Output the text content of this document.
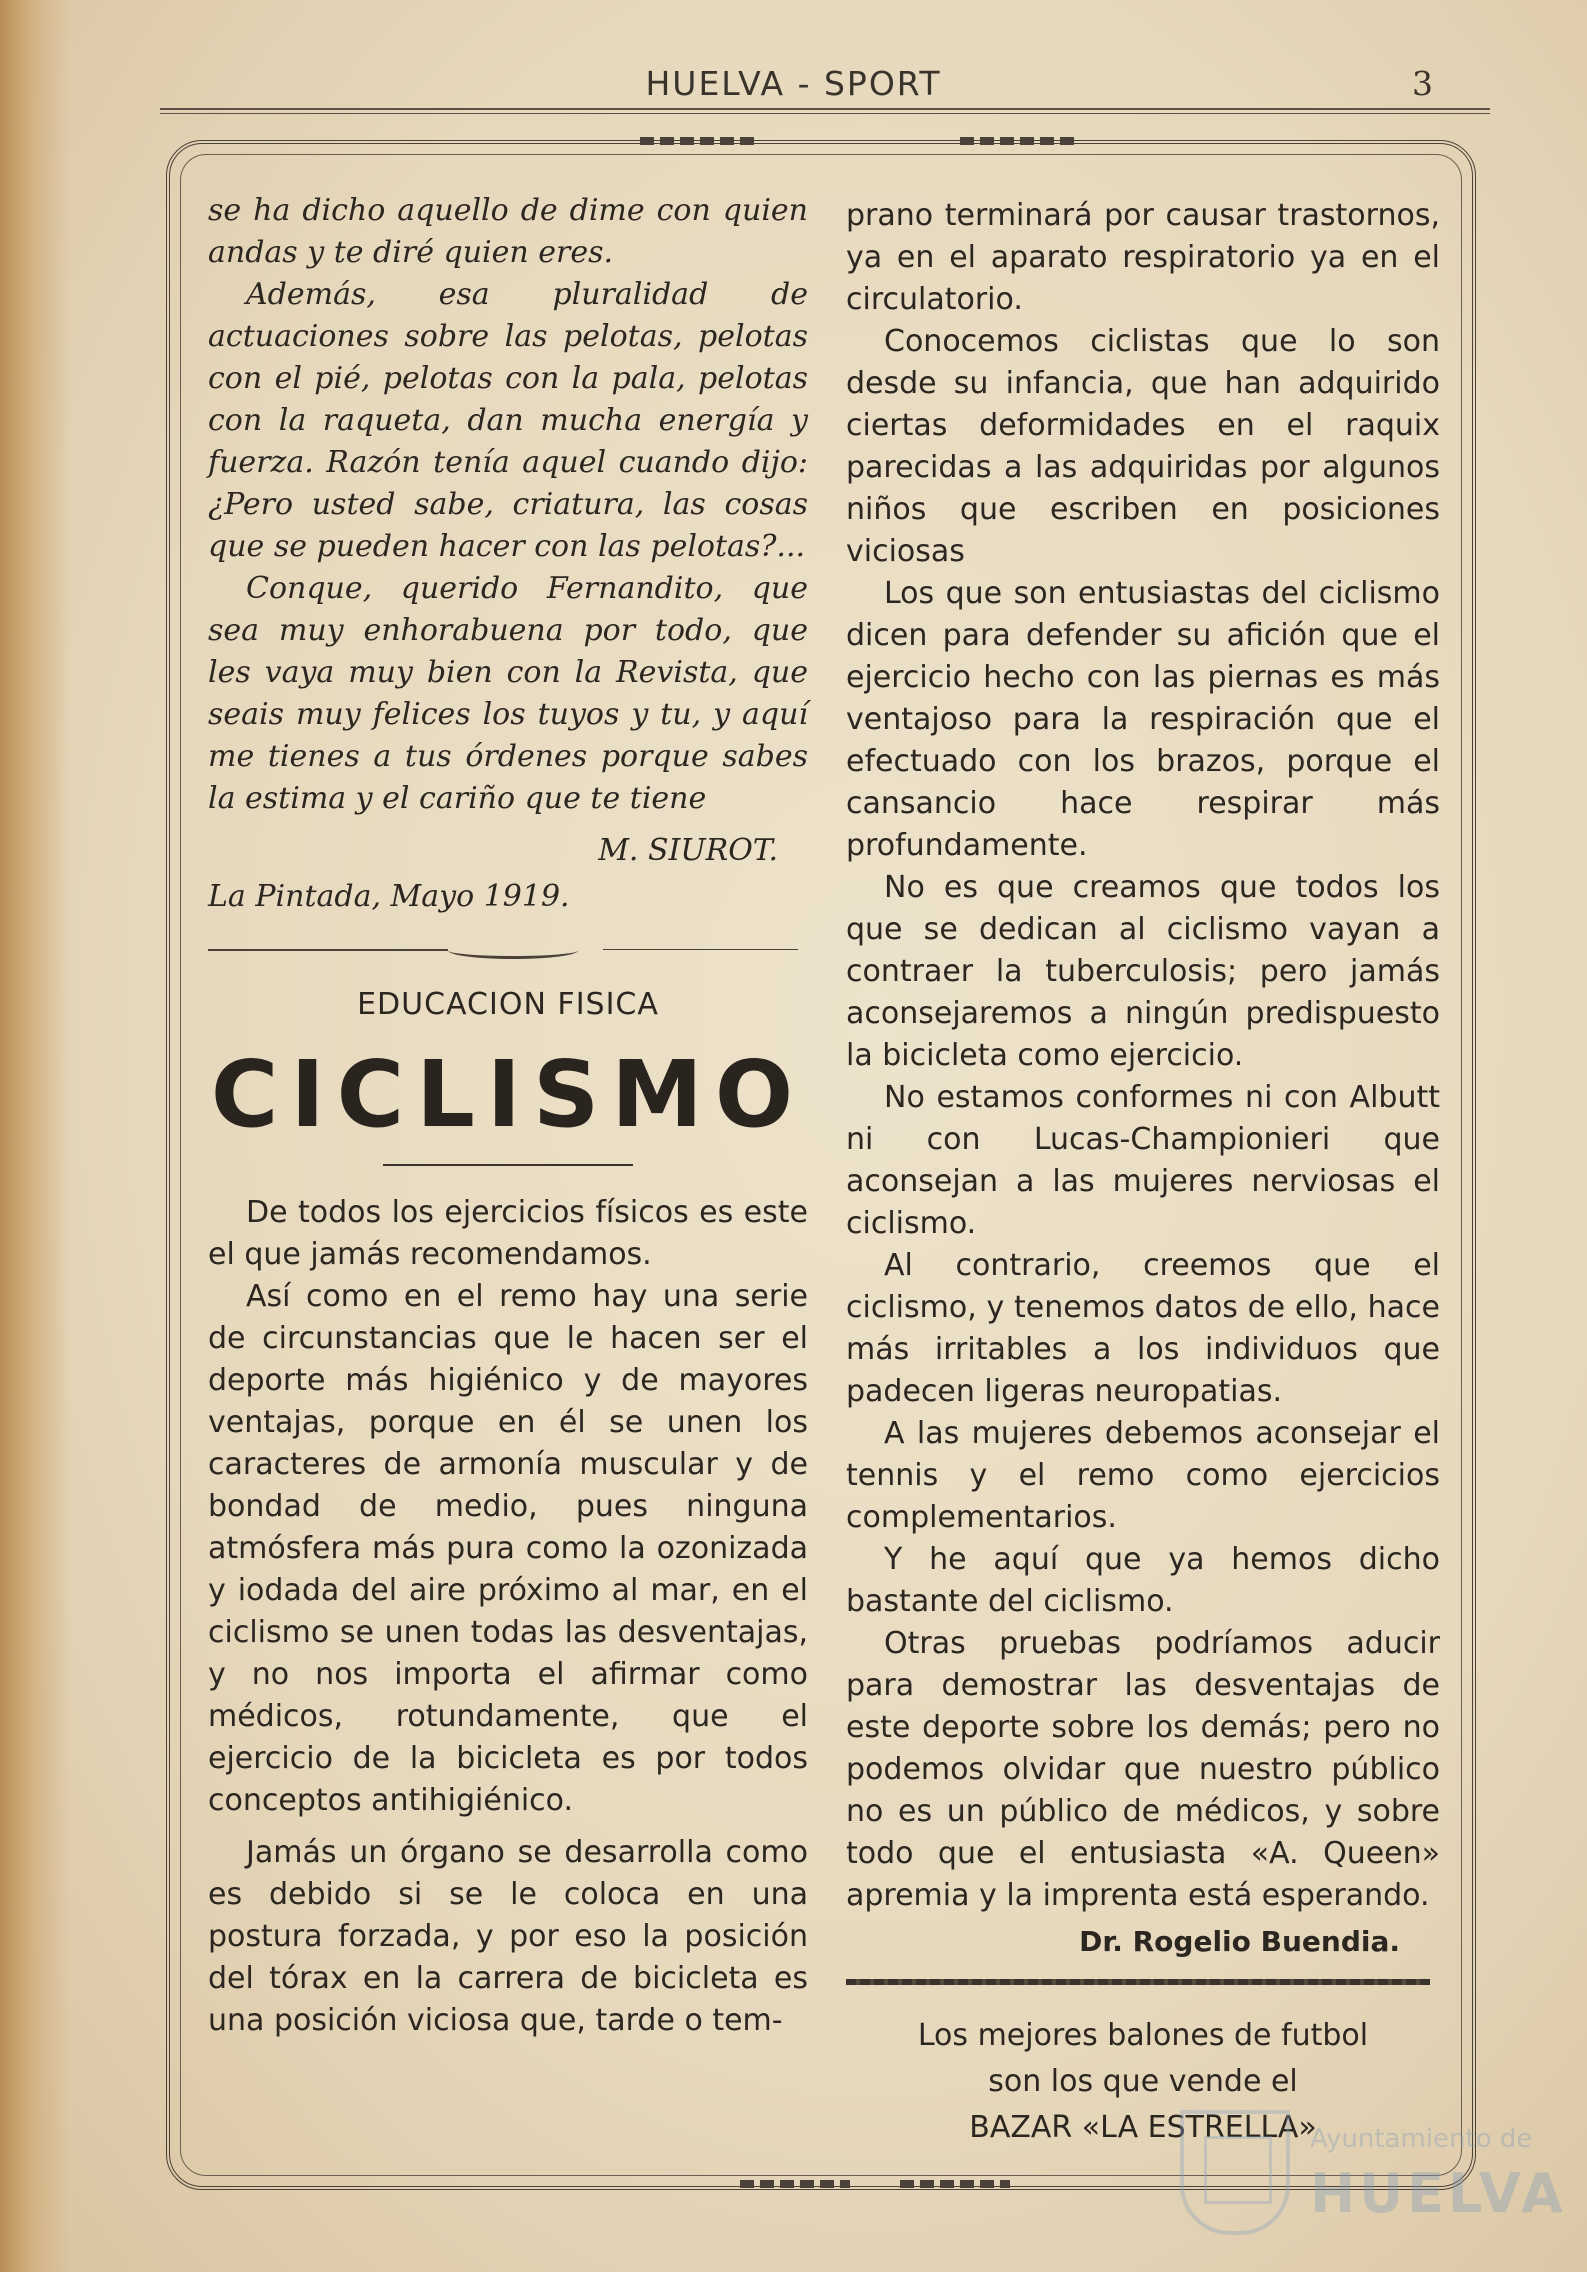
HUELVA - SPORT	3

se ha dicho aquello de dime con quien andas y te diré quien eres.

Además, esa pluralidad de actuaciones sobre las pelotas, pelotas con el pié, pelotas con la pala, pelotas con la raqueta, dan mucha energía y fuerza. Razón tenía aquel cuando dijo: ¿Pero usted sabe, criatura, las cosas que se pueden hacer con las pelotas?...

Conque, querido Fernandito, que sea muy enhorabuena por todo, que les vaya muy bien con la Revista, que seais muy felices los tuyos y tu, y aquí me tienes a tus órdenes porque sabes la estima y el cariño que te tiene

M. SIUROT.

La Pintada, Mayo 1919.

EDUCACION FISICA

CICLISMO

De todos los ejercicios físicos es este el que jamás recomendamos.

Así como en el remo hay una serie de circunstancias que le hacen ser el deporte más higiénico y de mayores ventajas, porque en él se unen los caracteres de armonía muscular y de bondad de medio, pues ninguna atmósfera más pura como la ozonizada y iodada del aire próximo al mar, en el ciclismo se unen todas las desventajas, y no nos importa el afirmar como médicos, rotundamente, que el ejercicio de la bicicleta es por todos conceptos antihigiénico.

Jamás un órgano se desarrolla como es debido si se le coloca en una postura forzada, y por eso la posición del tórax en la carrera de bicicleta es una posición viciosa que, tarde o tem-

prano terminará por causar trastornos, ya en el aparato respiratorio ya en el circulatorio.

Conocemos ciclistas que lo son desde su infancia, que han adquirido ciertas deformidades en el raquix parecidas a las adquiridas por algunos niños que escriben en posiciones viciosas

Los que son entusiastas del ciclismo dicen para defender su afición que el ejercicio hecho con las piernas es más ventajoso para la respiración que el efectuado con los brazos, porque el cansancio hace respirar más profundamente.

No es que creamos que todos los que se dedican al ciclismo vayan a contraer la tuberculosis; pero jamás aconsejaremos a ningún predispuesto la bicicleta como ejercicio.

No estamos conformes ni con Albutt ni con Lucas-Championieri que aconsejan a las mujeres nerviosas el ciclismo.

Al contrario, creemos que el ciclismo, y tenemos datos de ello, hace más irritables a los individuos que padecen ligeras neuropatias.

A las mujeres debemos aconsejar el tennis y el remo como ejercicios complementarios.

Y he aquí que ya hemos dicho bastante del ciclismo.

Otras pruebas podríamos aducir para demostrar las desventajas de este deporte sobre los demás; pero no podemos olvidar que nuestro público no es un público de médicos, y sobre todo que el entusiasta «A. Queen» apremia y la imprenta está esperando.

Dr. Rogelio Buendia.

Los mejores balones de futbol

son los que vende el

BAZAR «LA ESTRELLA»

Ayuntamiento de
HUELVA
